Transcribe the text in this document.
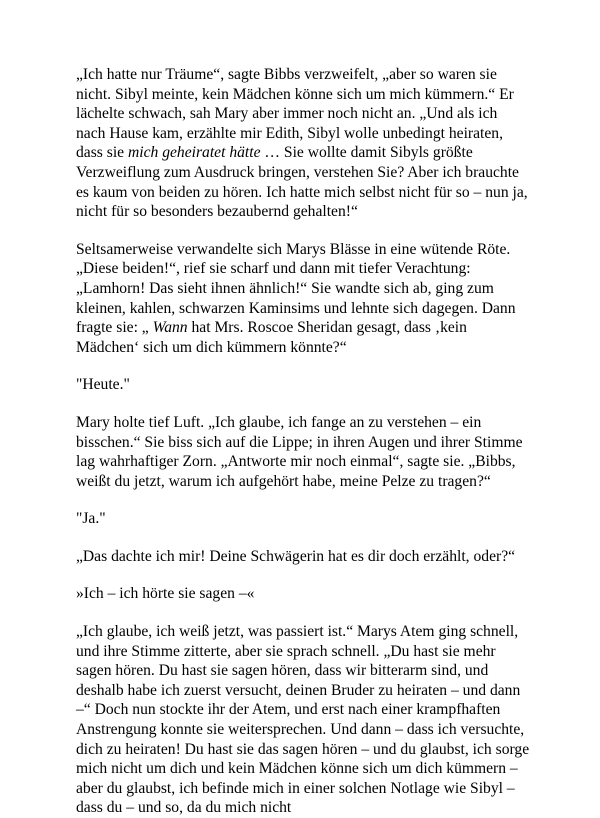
„Ich hatte nur Träume“, sagte Bibbs verzweifelt, „aber so waren sie nicht. Sibyl meinte, kein Mädchen könne sich um mich kümmern.“ Er lächelte schwach, sah Mary aber immer noch nicht an. „Und als ich nach Hause kam, erzählte mir Edith, Sibyl wolle unbedingt heiraten, dass sie mich geheiratet hätte … Sie wollte damit Sibyls größte Verzweiflung zum Ausdruck bringen, verstehen Sie? Aber ich brauchte es kaum von beiden zu hören. Ich hatte mich selbst nicht für so – nun ja, nicht für so besonders bezaubernd gehalten!“

Seltsamerweise verwandelte sich Marys Blässe in eine wütende Röte. „Diese beiden!“, rief sie scharf und dann mit tiefer Verachtung: „Lamhorn! Das sieht ihnen ähnlich!“ Sie wandte sich ab, ging zum kleinen, kahlen, schwarzen Kaminsims und lehnte sich dagegen. Dann fragte sie: „ Wann hat Mrs. Roscoe Sheridan gesagt, dass ‚kein Mädchen‘ sich um dich kümmern könnte?“

"Heute."

Mary holte tief Luft. „Ich glaube, ich fange an zu verstehen – ein bisschen.“ Sie biss sich auf die Lippe; in ihren Augen und ihrer Stimme lag wahrhaftiger Zorn. „Antworte mir noch einmal“, sagte sie. „Bibbs, weißt du jetzt, warum ich aufgehört habe, meine Pelze zu tragen?“

"Ja."

„Das dachte ich mir! Deine Schwägerin hat es dir doch erzählt, oder?“

»Ich – ich hörte sie sagen –«

„Ich glaube, ich weiß jetzt, was passiert ist.“ Marys Atem ging schnell, und ihre Stimme zitterte, aber sie sprach schnell. „Du hast sie mehr sagen hören. Du hast sie sagen hören, dass wir bitterarm sind, und deshalb habe ich zuerst versucht, deinen Bruder zu heiraten – und dann –“ Doch nun stockte ihr der Atem, und erst nach einer krampfhaften Anstrengung konnte sie weitersprechen. Und dann – dass ich versuchte, dich zu heiraten! Du hast sie das sagen hören – und du glaubst, ich sorge mich nicht um dich und kein Mädchen könne sich um dich kümmern – aber du glaubst, ich befinde mich in einer solchen Notlage wie Sibyl – dass du – und so, da du mich nicht
